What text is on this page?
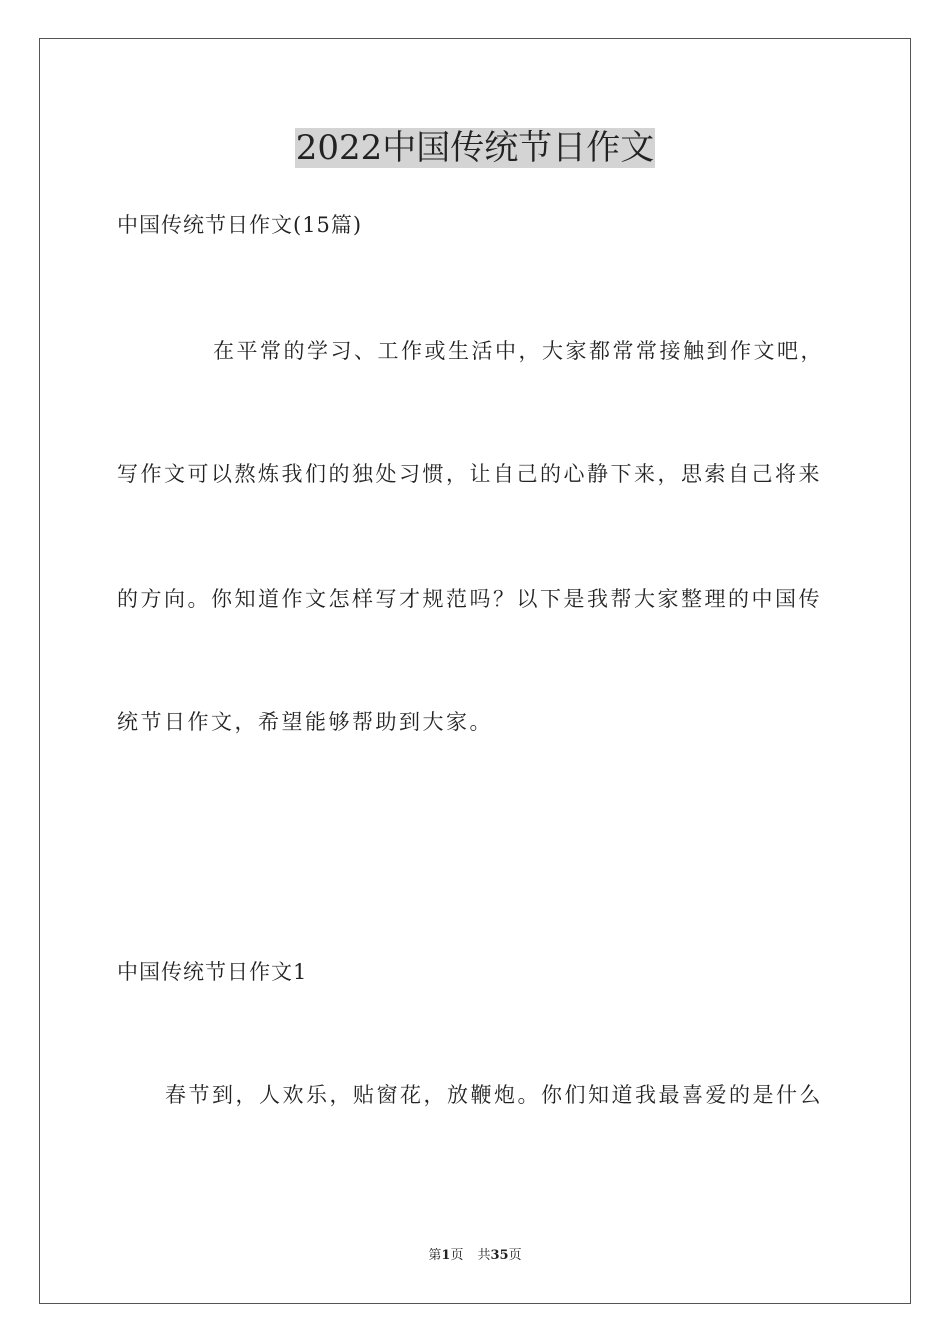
2022中国传统节日作文

中国传统节日作文(15篇)

在平常的学习、工作或生活中，大家都常常接触到作文吧，

写作文可以熬炼我们的独处习惯，让自己的心静下来，思索自己将来

的方向。你知道作文怎样写才规范吗？以下是我帮大家整理的中国传

统节日作文，希望能够帮助到大家。

中国传统节日作文1

春节到，人欢乐，贴窗花，放鞭炮。你们知道我最喜爱的是什么

第1页 共35页
